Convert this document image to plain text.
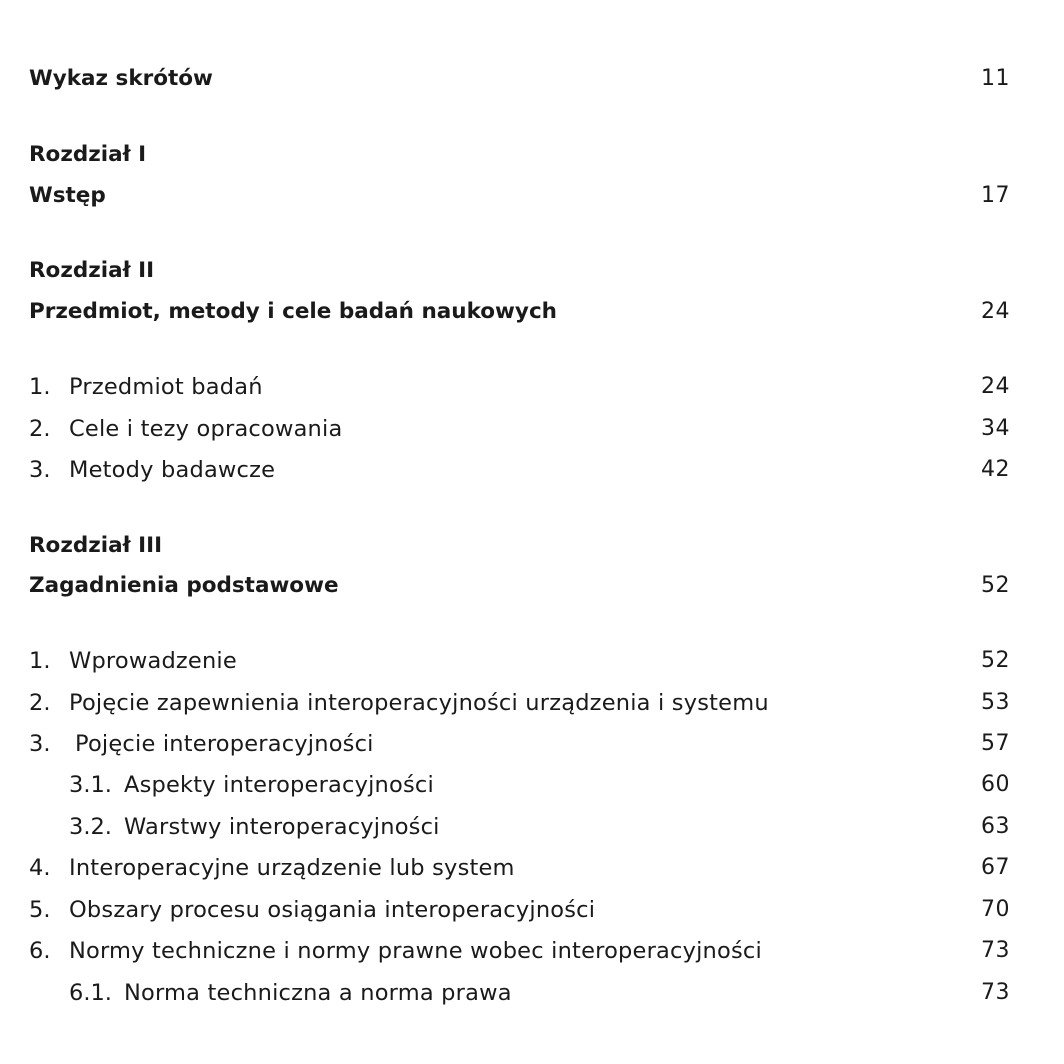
Wykaz skrótów	11
Rozdział I
Wstęp	17
Rozdział II
Przedmiot, metody i cele badań naukowych	24
1. Przedmiot badań	24
2. Cele i tezy opracowania	34
3. Metody badawcze	42
Rozdział III
Zagadnienia podstawowe	52
1. Wprowadzenie	52
2. Pojęcie zapewnienia interoperacyjności urządzenia i systemu	53
3. Pojęcie interoperacyjności	57
3.1. Aspekty interoperacyjności	60
3.2. Warstwy interoperacyjności	63
4. Interoperacyjne urządzenie lub system	67
5. Obszary procesu osiągania interoperacyjności	70
6. Normy techniczne i normy prawne wobec interoperacyjności	73
6.1. Norma techniczna a norma prawa	73
